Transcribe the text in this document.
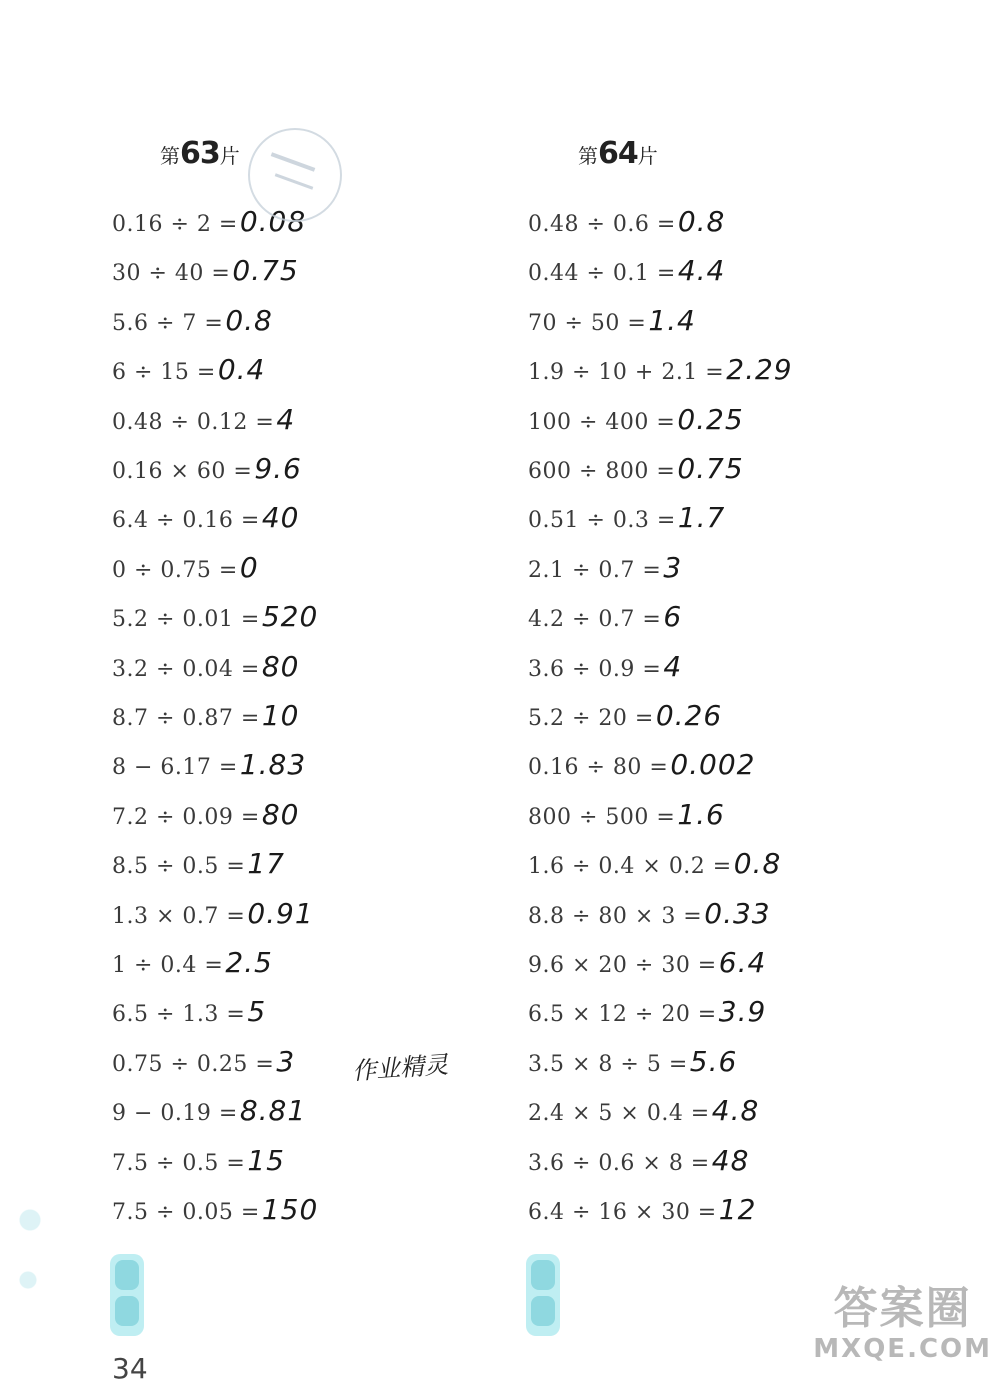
第63片
0.16 ÷ 2 =0.08
30 ÷ 40 =0.75
5.6 ÷ 7 =0.8
6 ÷ 15 =0.4
0.48 ÷ 0.12 =4
0.16 × 60 =9.6
6.4 ÷ 0.16 =40
0 ÷ 0.75 =0
5.2 ÷ 0.01 =520
3.2 ÷ 0.04 =80
8.7 ÷ 0.87 =10
8 − 6.17 =1.83
7.2 ÷ 0.09 =80
8.5 ÷ 0.5 =17
1.3 × 0.7 =0.91
1 ÷ 0.4 =2.5
6.5 ÷ 1.3 =5
0.75 ÷ 0.25 =3
9 − 0.19 =8.81
7.5 ÷ 0.5 =15
7.5 ÷ 0.05 =150
第64片
0.48 ÷ 0.6 =0.8
0.44 ÷ 0.1 =4.4
70 ÷ 50 =1.4
1.9 ÷ 10 + 2.1 =2.29
100 ÷ 400 =0.25
600 ÷ 800 =0.75
0.51 ÷ 0.3 =1.7
2.1 ÷ 0.7 =3
4.2 ÷ 0.7 =6
3.6 ÷ 0.9 =4
5.2 ÷ 20 =0.26
0.16 ÷ 80 =0.002
800 ÷ 500 =1.6
1.6 ÷ 0.4 × 0.2 =0.8
8.8 ÷ 80 × 3 =0.33
9.6 × 20 ÷ 30 =6.4
6.5 × 12 ÷ 20 =3.9
3.5 × 8 ÷ 5 =5.6
2.4 × 5 × 0.4 =4.8
3.6 ÷ 0.6 × 8 =48
6.4 ÷ 16 × 30 =12
作业精灵
34
答案圈
MXQE.COM
